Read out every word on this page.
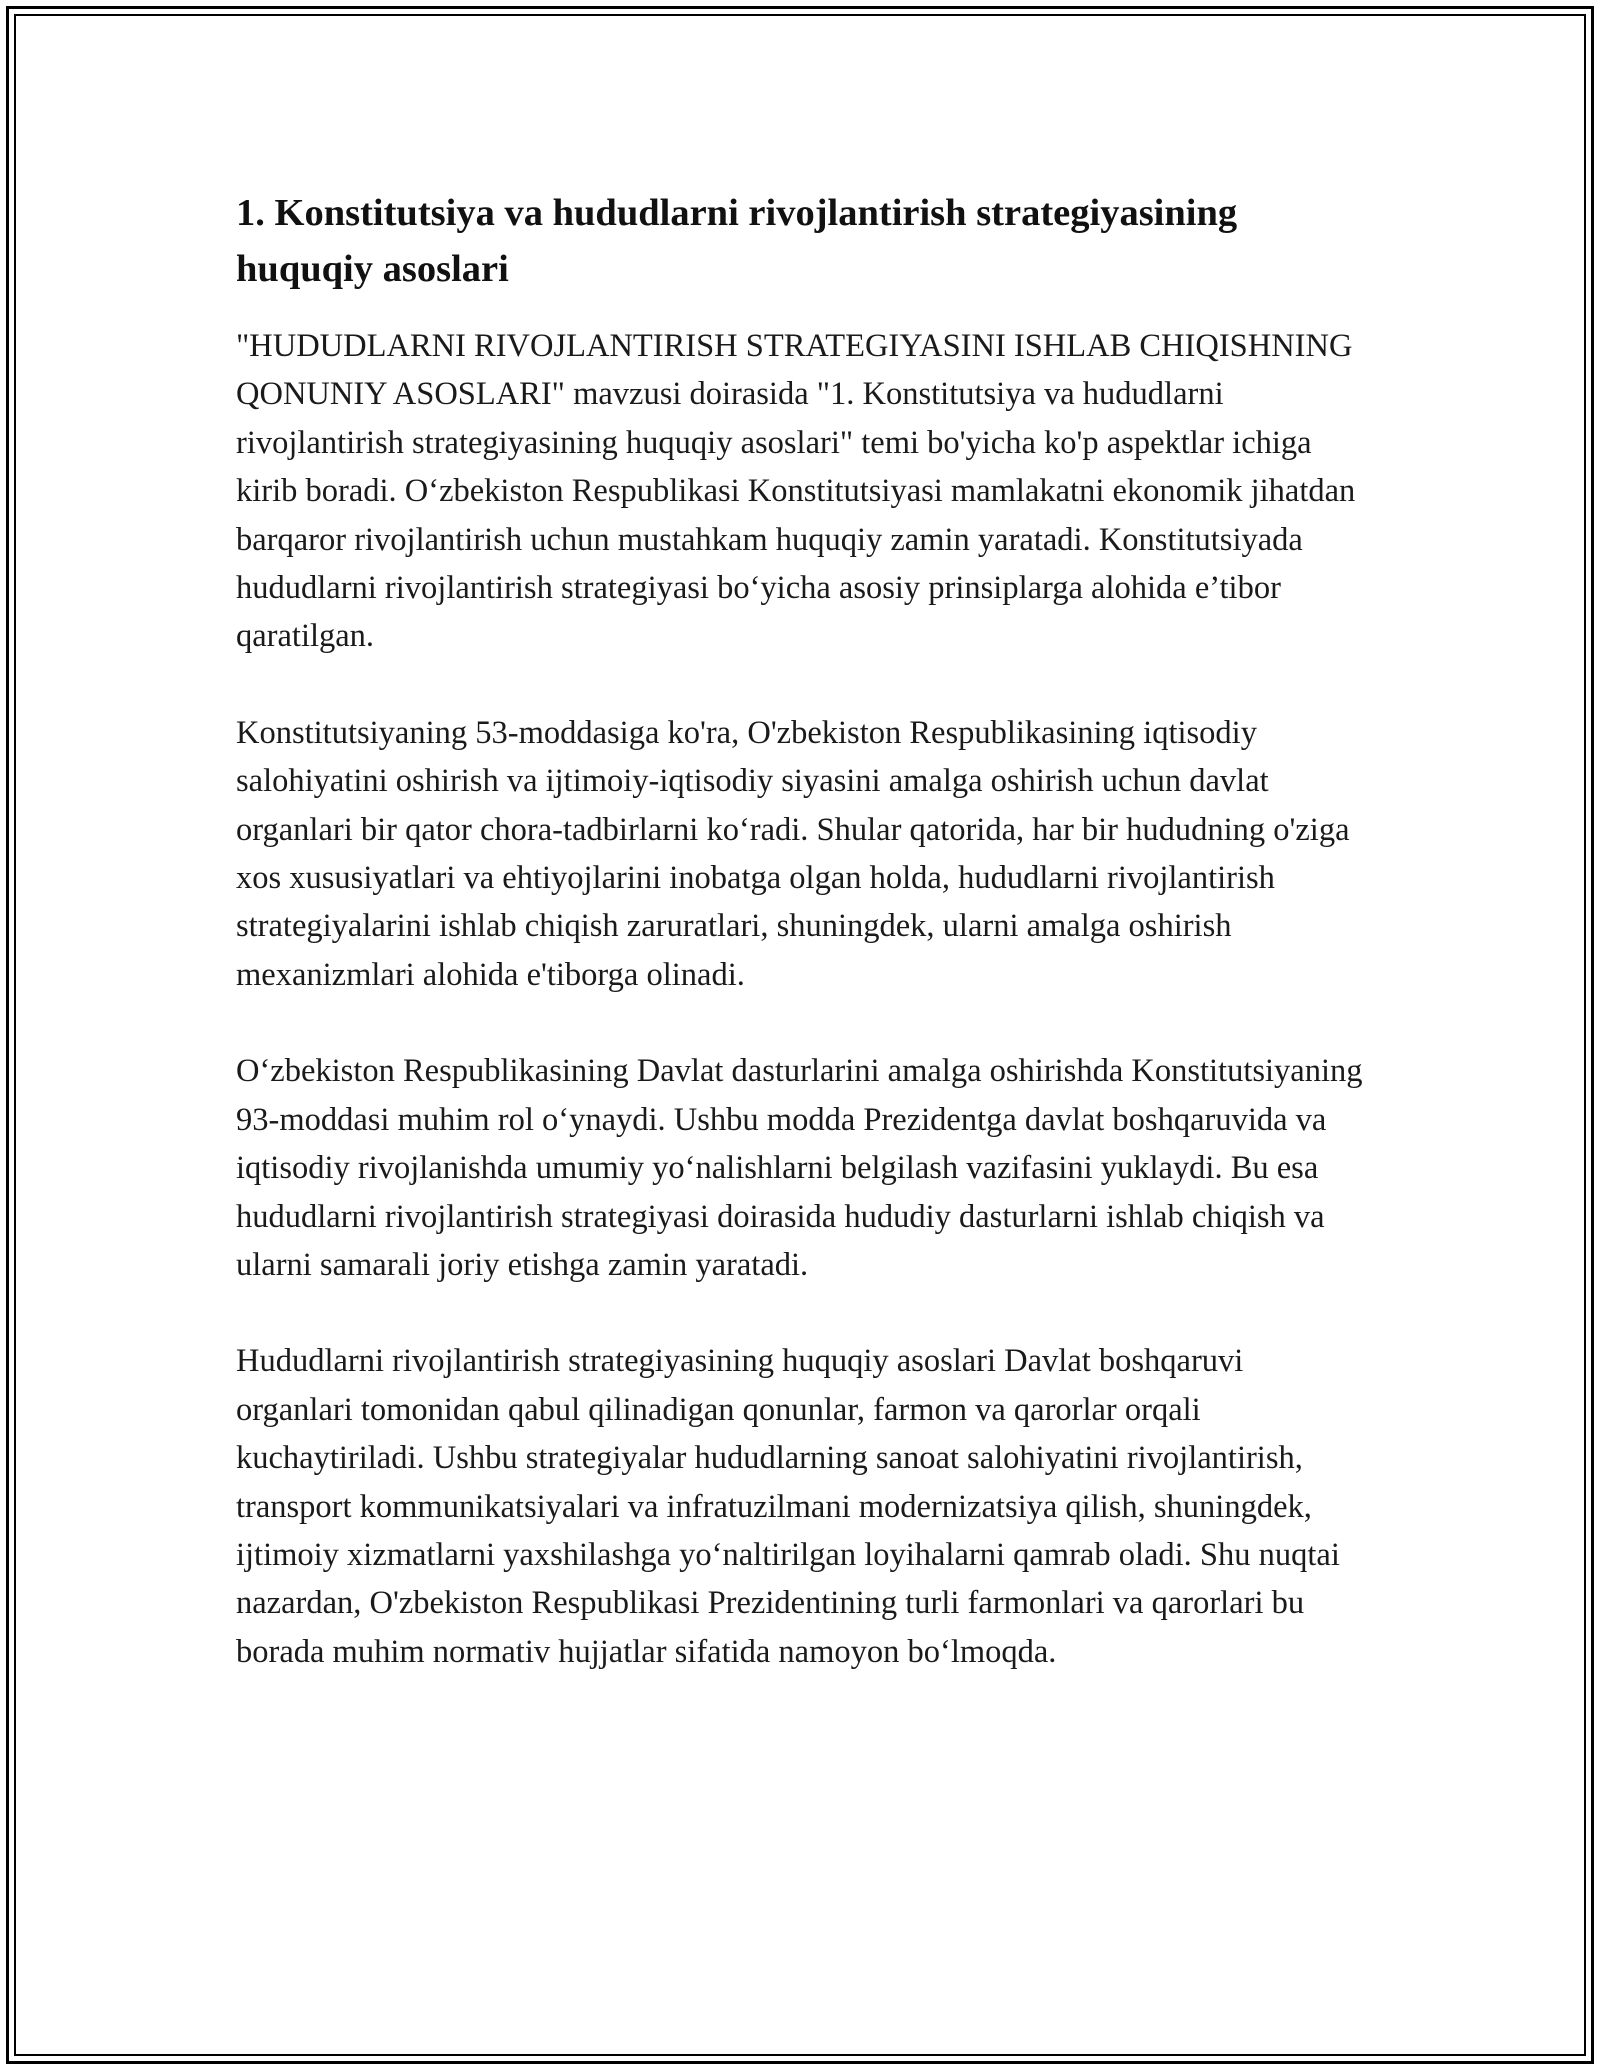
1. Konstitutsiya va hududlarni rivojlantirish strategiyasining huquqiy asoslari

"HUDUDLARNI RIVOJLANTIRISH STRATEGIYASINI ISHLAB CHIQISHNING QONUNIY ASOSLARI" mavzusi doirasida "1. Konstitutsiya va hududlarni rivojlantirish strategiyasining huquqiy asoslari" temi bo'yicha ko'p aspektlar ichiga kirib boradi. O‘zbekiston Respublikasi Konstitutsiyasi mamlakatni ekonomik jihatdan barqaror rivojlantirish uchun mustahkam huquqiy zamin yaratadi. Konstitutsiyada hududlarni rivojlantirish strategiyasi bo‘yicha asosiy prinsiplarga alohida e’tibor qaratilgan.

Konstitutsiyaning 53-moddasiga ko'ra, O'zbekiston Respublikasining iqtisodiy salohiyatini oshirish va ijtimoiy-iqtisodiy siyasini amalga oshirish uchun davlat organlari bir qator chora-tadbirlarni ko‘radi. Shular qatorida, har bir hududning o'ziga xos xususiyatlari va ehtiyojlarini inobatga olgan holda, hududlarni rivojlantirish strategiyalarini ishlab chiqish zaruratlari, shuningdek, ularni amalga oshirish mexanizmlari alohida e'tiborga olinadi.

O‘zbekiston Respublikasining Davlat dasturlarini amalga oshirishda Konstitutsiyaning 93-moddasi muhim rol o‘ynaydi. Ushbu modda Prezidentga davlat boshqaruvida va iqtisodiy rivojlanishda umumiy yo‘nalishlarni belgilash vazifasini yuklaydi. Bu esa hududlarni rivojlantirish strategiyasi doirasida hududiy dasturlarni ishlab chiqish va ularni samarali joriy etishga zamin yaratadi.

Hududlarni rivojlantirish strategiyasining huquqiy asoslari Davlat boshqaruvi organlari tomonidan qabul qilinadigan qonunlar, farmon va qarorlar orqali kuchaytiriladi. Ushbu strategiyalar hududlarning sanoat salohiyatini rivojlantirish, transport kommunikatsiyalari va infratuzilmani modernizatsiya qilish, shuningdek, ijtimoiy xizmatlarni yaxshilashga yo‘naltirilgan loyihalarni qamrab oladi. Shu nuqtai nazardan, O'zbekiston Respublikasi Prezidentining turli farmonlari va qarorlari bu borada muhim normativ hujjatlar sifatida namoyon bo‘lmoqda.
